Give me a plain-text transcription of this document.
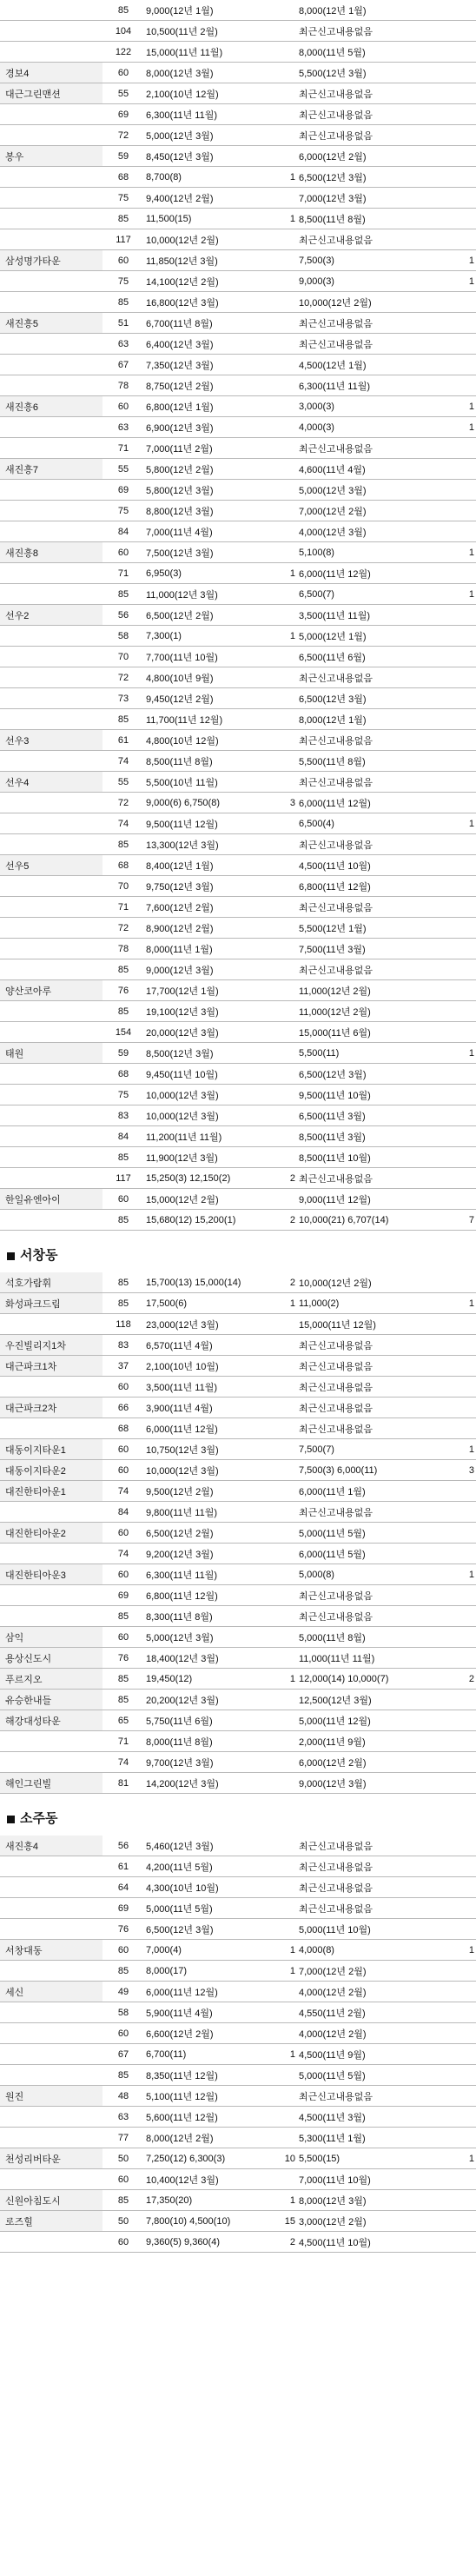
	85	9,000(12년 1월)		8,000(12년 1월)	
	104	10,500(11년 2월)		최근신고내용없음	
	122	15,000(11년 11월)		8,000(11년 5월)	
경보4	60	8,000(12년 3월)		5,500(12년 3월)	
대근그린맨션	55	2,100(10년 12월)		최근신고내용없음	
	69	6,300(11년 11월)		최근신고내용없음	
	72	5,000(12년 3월)		최근신고내용없음	
봉우	59	8,450(12년 3월)		6,000(12년 2월)	
	68	8,700(8)	1	6,500(12년 3월)	
	75	9,400(12년 2월)		7,000(12년 3월)	
	85	11,500(15)	1	8,500(11년 8월)	
	117	10,000(12년 2월)		최근신고내용없음	
삼성명가타운	60	11,850(12년 3월)		7,500(3)	1
	75	14,100(12년 2월)		9,000(3)	1
	85	16,800(12년 3월)		10,000(12년 2월)	
새진흥5	51	6,700(11년 8월)		최근신고내용없음	
	63	6,400(12년 3월)		최근신고내용없음	
	67	7,350(12년 3월)		4,500(12년 1월)	
	78	8,750(12년 2월)		6,300(11년 11월)	
새진흥6	60	6,800(12년 1월)		3,000(3)	1
	63	6,900(12년 3월)		4,000(3)	1
	71	7,000(11년 2월)		최근신고내용없음	
새진흥7	55	5,800(12년 2월)		4,600(11년 4월)	
	69	5,800(12년 3월)		5,000(12년 3월)	
	75	8,800(12년 3월)		7,000(12년 2월)	
	84	7,000(11년 4월)		4,000(12년 3월)	
새진흥8	60	7,500(12년 3월)		5,100(8)	1
	71	6,950(3)	1	6,000(11년 12월)	
	85	11,000(12년 3월)		6,500(7)	1
선우2	56	6,500(12년 2월)		3,500(11년 11월)	
	58	7,300(1)	1	5,000(12년 1월)	
	70	7,700(11년 10월)		6,500(11년 6월)	
	72	4,800(10년 9월)		최근신고내용없음	
	73	9,450(12년 2월)		6,500(12년 3월)	
	85	11,700(11년 12월)		8,000(12년 1월)	
선우3	61	4,800(10년 12월)		최근신고내용없음	
	74	8,500(11년 8월)		5,500(11년 8월)	
선우4	55	5,500(10년 11월)		최근신고내용없음	
	72	9,000(6) 6,750(8)	3	6,000(11년 12월)	
	74	9,500(11년 12월)		6,500(4)	1
	85	13,300(12년 3월)		최근신고내용없음	
선우5	68	8,400(12년 1월)		4,500(11년 10월)	
	70	9,750(12년 3월)		6,800(11년 12월)	
	71	7,600(12년 2월)		최근신고내용없음	
	72	8,900(12년 2월)		5,500(12년 1월)	
	78	8,000(11년 1월)		7,500(11년 3월)	
	85	9,000(12년 3월)		최근신고내용없음	
양산코아루	76	17,700(12년 1월)		11,000(12년 2월)	
	85	19,100(12년 3월)		11,000(12년 2월)	
	154	20,000(12년 3월)		15,000(11년 6월)	
태원	59	8,500(12년 3월)		5,500(11)	1
	68	9,450(11년 10월)		6,500(12년 3월)	
	75	10,000(12년 3월)		9,500(11년 10월)	
	83	10,000(12년 3월)		6,500(11년 3월)	
	84	11,200(11년 11월)		8,500(11년 3월)	
	85	11,900(12년 3월)		8,500(11년 10월)	
	117	15,250(3) 12,150(2)	2	최근신고내용없음	
한일유엔아이	60	15,000(12년 2월)		9,000(11년 12월)	
	85	15,680(12) 15,200(1)	2	10,000(21) 6,707(14)	7
서창동
석호가람휘	85	15,700(13) 15,000(14)	2	10,000(12년 2월)	
화성파크드림	85	17,500(6)	1	11,000(2)	1
	118	23,000(12년 3월)		15,000(11년 12월)	
우진빌리지1차	83	6,570(11년 4월)		최근신고내용없음	
대근파크1차	37	2,100(10년 10월)		최근신고내용없음	
	60	3,500(11년 11월)		최근신고내용없음	
대근파크2차	66	3,900(11년 4월)		최근신고내용없음	
	68	6,000(11년 12월)		최근신고내용없음	
대동이지타운1	60	10,750(12년 3월)		7,500(7)	1
대동이지타운2	60	10,000(12년 3월)		7,500(3) 6,000(11)	3
대진한티아운1	74	9,500(12년 2월)		6,000(11년 1월)	
	84	9,800(11년 11월)		최근신고내용없음	
대진한티아운2	60	6,500(12년 2월)		5,000(11년 5월)	
	74	9,200(12년 3월)		6,000(11년 5월)	
대진한티아운3	60	6,300(11년 11월)		5,000(8)	1
	69	6,800(11년 12월)		최근신고내용없음	
	85	8,300(11년 8월)		최근신고내용없음	
삼익	60	5,000(12년 3월)		5,000(11년 8월)	
용상신도시	76	18,400(12년 3월)		11,000(11년 11월)	
푸르지오	85	19,450(12)	1	12,000(14) 10,000(7)	2
유승한내들	85	20,200(12년 3월)		12,500(12년 3월)	
해강대성타운	65	5,750(11년 6월)		5,000(11년 12월)	
	71	8,000(11년 8월)		2,000(11년 9월)	
	74	9,700(12년 3월)		6,000(12년 2월)	
해인그린빌	81	14,200(12년 3월)		9,000(12년 3월)	
소주동
새진흥4	56	5,460(12년 3월)		최근신고내용없음	
	61	4,200(11년 5월)		최근신고내용없음	
	64	4,300(10년 10월)		최근신고내용없음	
	69	5,000(11년 5월)		최근신고내용없음	
	76	6,500(12년 3월)		5,000(11년 10월)	
서창대동	60	7,000(4)	1	4,000(8)	1
	85	8,000(17)	1	7,000(12년 2월)	
세신	49	6,000(11년 12월)		4,000(12년 2월)	
	58	5,900(11년 4월)		4,550(11년 2월)	
	60	6,600(12년 2월)		4,000(12년 2월)	
	67	6,700(11)	1	4,500(11년 9월)	
	85	8,350(11년 12월)		5,000(11년 5월)	
원진	48	5,100(11년 12월)		최근신고내용없음	
	63	5,600(11년 12월)		4,500(11년 3월)	
	77	8,000(12년 2월)		5,300(11년 1월)	
천성리버타운	50	7,250(12) 6,300(3)	10	5,500(15)	1
	60	10,400(12년 3월)		7,000(11년 10월)	
신원아침도시	85	17,350(20)	1	8,000(12년 3월)	
로즈힐	50	7,800(10) 4,500(10)	15	3,000(12년 2월)	
	60	9,360(5) 9,360(4)	2	4,500(11년 10월)	
